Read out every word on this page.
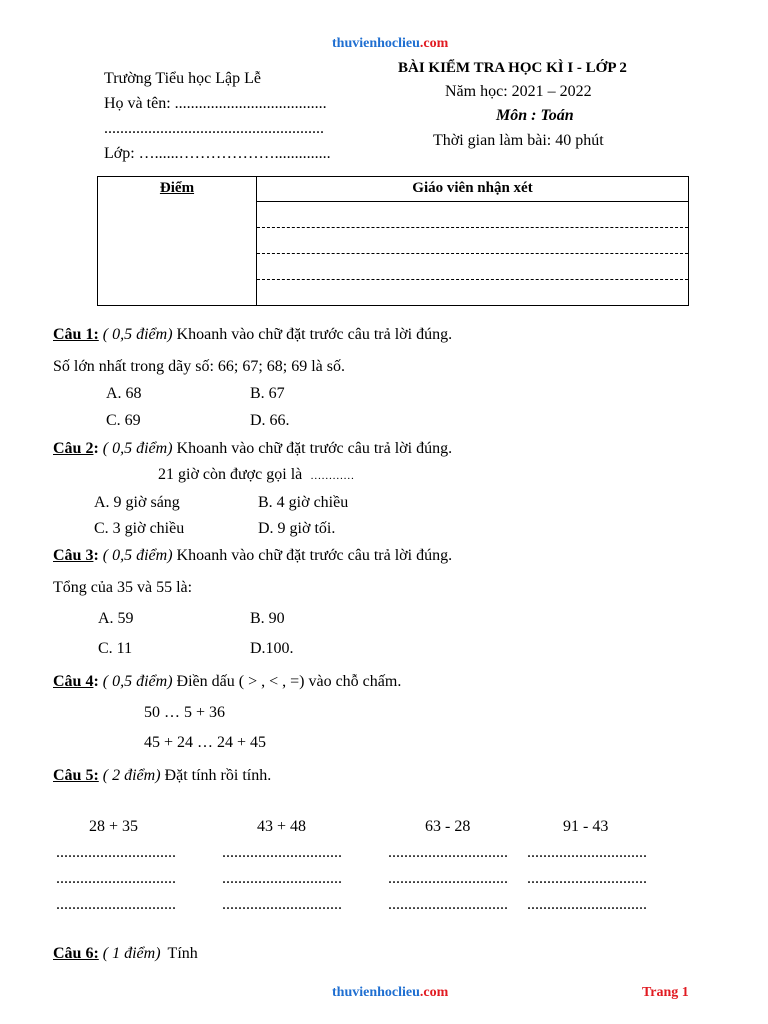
thuvienhoclieu.com
Trường Tiểu học Lập Lễ
Họ và tên: ......................................
.......................................................
Lớp: …......………………..............
BÀI KIỂM TRA HỌC KÌ I - LỚP 2
Năm học: 2021 – 2022
Môn : Toán
Thời gian làm bài: 40 phút
Điểm	Giáo viên nhận xét
Câu 1: ( 0,5 điểm) Khoanh vào chữ đặt trước câu trả lời đúng.
Số lớn nhất trong dãy số: 66; 67; 68; 69 là số.
A. 68	B. 67
C. 69	D. 66.
Câu 2: ( 0,5 điểm) Khoanh vào chữ đặt trước câu trả lời đúng.
21 giờ còn được gọi là …………
A. 9 giờ sáng	B. 4 giờ chiều
C. 3 giờ chiều	D. 9 giờ tối.
Câu 3: ( 0,5 điểm) Khoanh vào chữ đặt trước câu trả lời đúng.
Tổng của 35 và 55 là:
A. 59	B. 90
C. 11	D.100.
Câu 4: ( 0,5 điểm) Điền dấu ( > , < , =) vào chỗ chấm.
50 … 5 + 36
45 + 24 … 24 + 45
Câu 5: ( 2 điểm) Đặt tính rồi tính.
28 + 35	43 + 48	63 - 28	91 - 43
..............................	..............................	.............................. ..............................
..............................	..............................	.............................. ..............................
..............................	..............................	.............................. ..............................
Câu 6: ( 1 điểm) Tính
thuvienhoclieu.com	Trang 1
